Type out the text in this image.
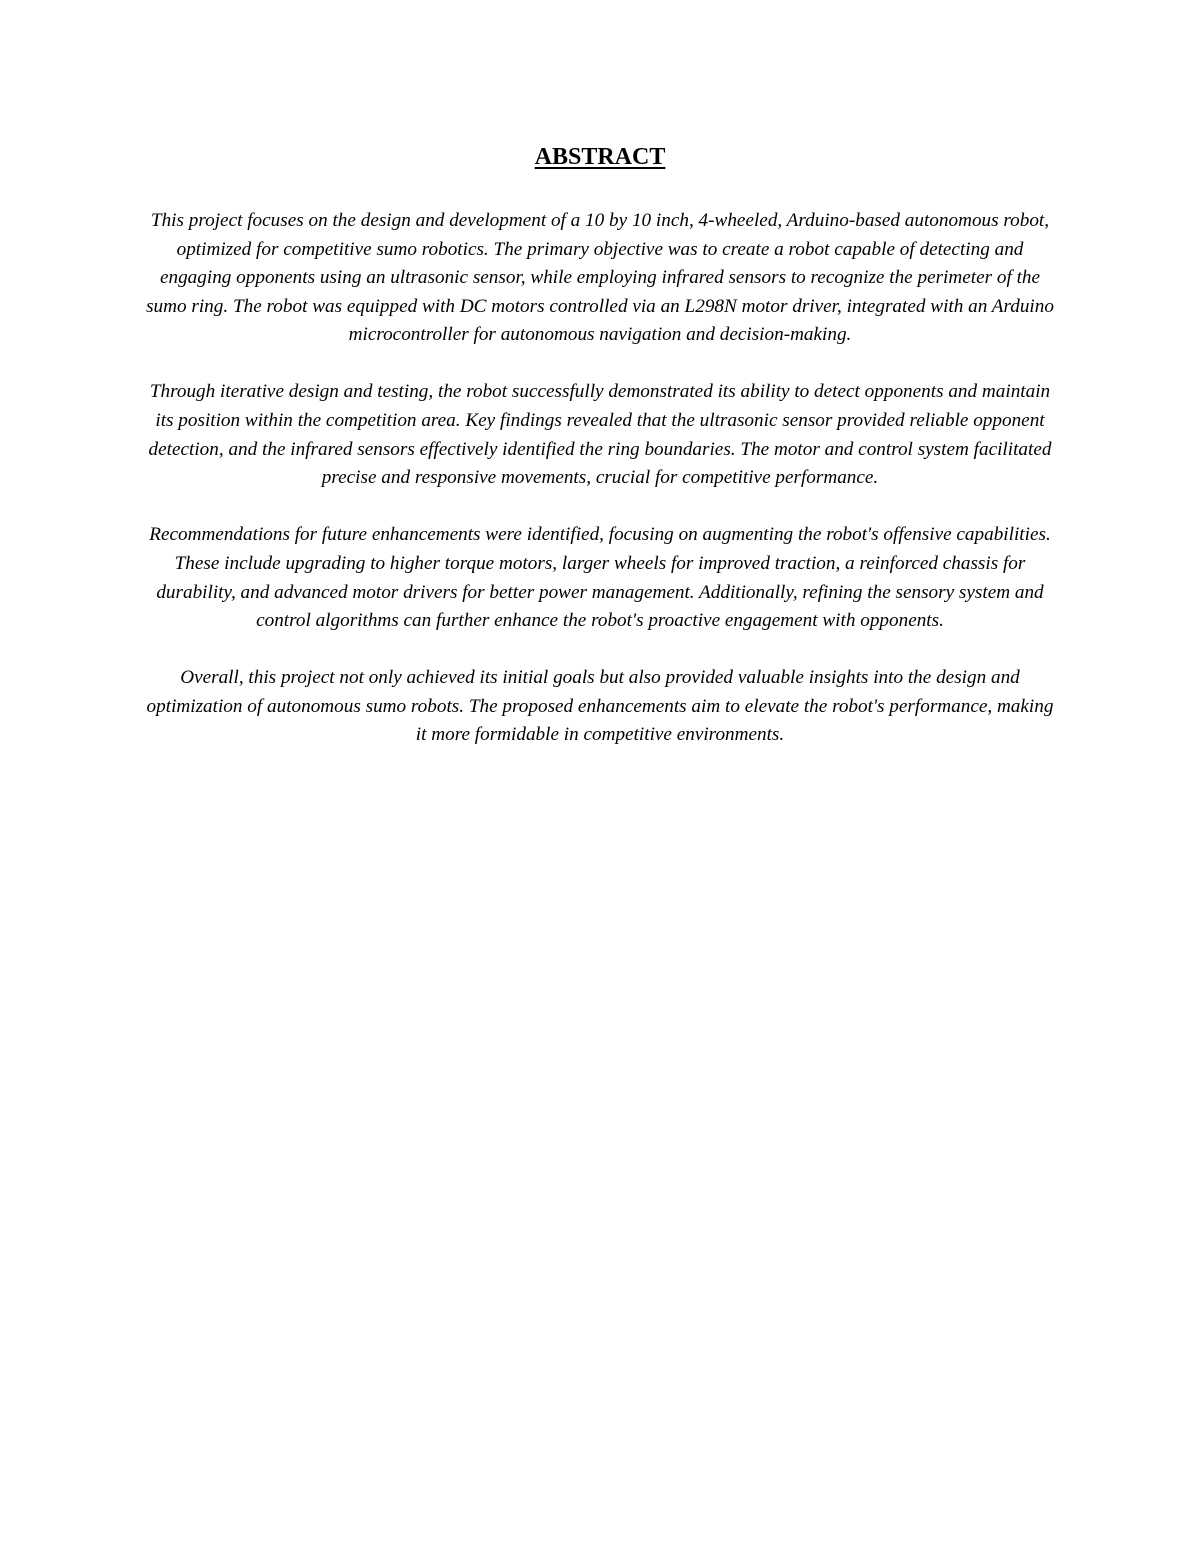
ABSTRACT

This project focuses on the design and development of a 10 by 10 inch, 4-wheeled, Arduino-based autonomous robot, optimized for competitive sumo robotics. The primary objective was to create a robot capable of detecting and engaging opponents using an ultrasonic sensor, while employing infrared sensors to recognize the perimeter of the sumo ring. The robot was equipped with DC motors controlled via an L298N motor driver, integrated with an Arduino microcontroller for autonomous navigation and decision-making.

Through iterative design and testing, the robot successfully demonstrated its ability to detect opponents and maintain its position within the competition area. Key findings revealed that the ultrasonic sensor provided reliable opponent detection, and the infrared sensors effectively identified the ring boundaries. The motor and control system facilitated precise and responsive movements, crucial for competitive performance.

Recommendations for future enhancements were identified, focusing on augmenting the robot's offensive capabilities. These include upgrading to higher torque motors, larger wheels for improved traction, a reinforced chassis for durability, and advanced motor drivers for better power management. Additionally, refining the sensory system and control algorithms can further enhance the robot's proactive engagement with opponents.

Overall, this project not only achieved its initial goals but also provided valuable insights into the design and optimization of autonomous sumo robots. The proposed enhancements aim to elevate the robot's performance, making it more formidable in competitive environments.
